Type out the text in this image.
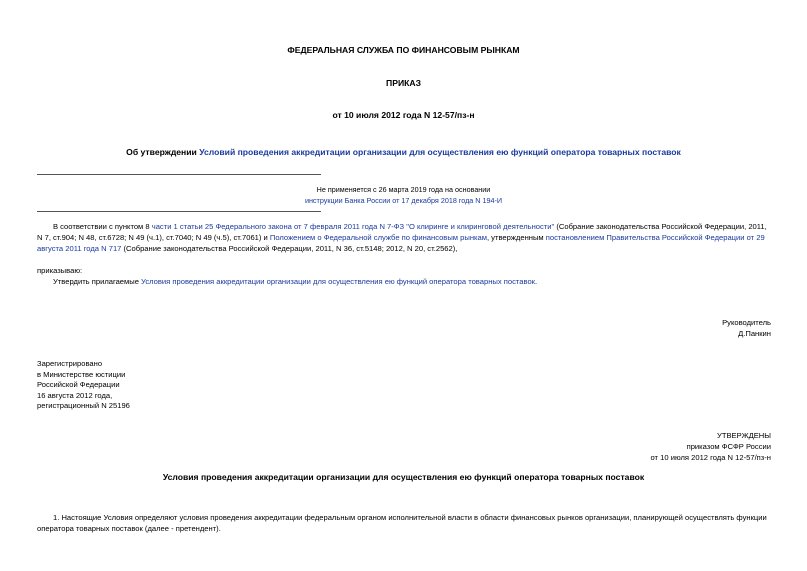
ФЕДЕРАЛЬНАЯ СЛУЖБА ПО ФИНАНСОВЫМ РЫНКАМ
ПРИКАЗ
от 10 июля 2012 года N 12-57/пз-н
Об утверждении Условий проведения аккредитации организации для осуществления ею функций оператора товарных поставок
Не применяется с 26 марта 2019 года на основании
инструкции Банка России от 17 декабря 2018 года N 194-И
В соответствии с пунктом 8 части 1 статьи 25 Федерального закона от 7 февраля 2011 года N 7-ФЗ "О клиринге и клиринговой деятельности" (Собрание законодательства Российской Федерации, 2011, N 7, ст.904; N 48, ст.6728; N 49 (ч.1), ст.7040; N 49 (ч.5), ст.7061) и Положением о Федеральной службе по финансовым рынкам, утвержденным постановлением Правительства Российской Федерации от 29 августа 2011 года N 717 (Собрание законодательства Российской Федерации, 2011, N 36, ст.5148; 2012, N 20, ст.2562),
приказываю:
Утвердить прилагаемые Условия проведения аккредитации организации для осуществления ею функций оператора товарных поставок.
Руководитель
Д.Панкин
Зарегистрировано
в Министерстве юстиции
Российской Федерации
16 августа 2012 года,
регистрационный N 25196
УТВЕРЖДЕНЫ
приказом ФСФР России
от 10 июля 2012 года N 12-57/пз-н
Условия проведения аккредитации организации для осуществления ею функций оператора товарных поставок
1. Настоящие Условия определяют условия проведения аккредитации федеральным органом исполнительной власти в области финансовых рынков организации, планирующей осуществлять функции оператора товарных поставок (далее - претендент).
